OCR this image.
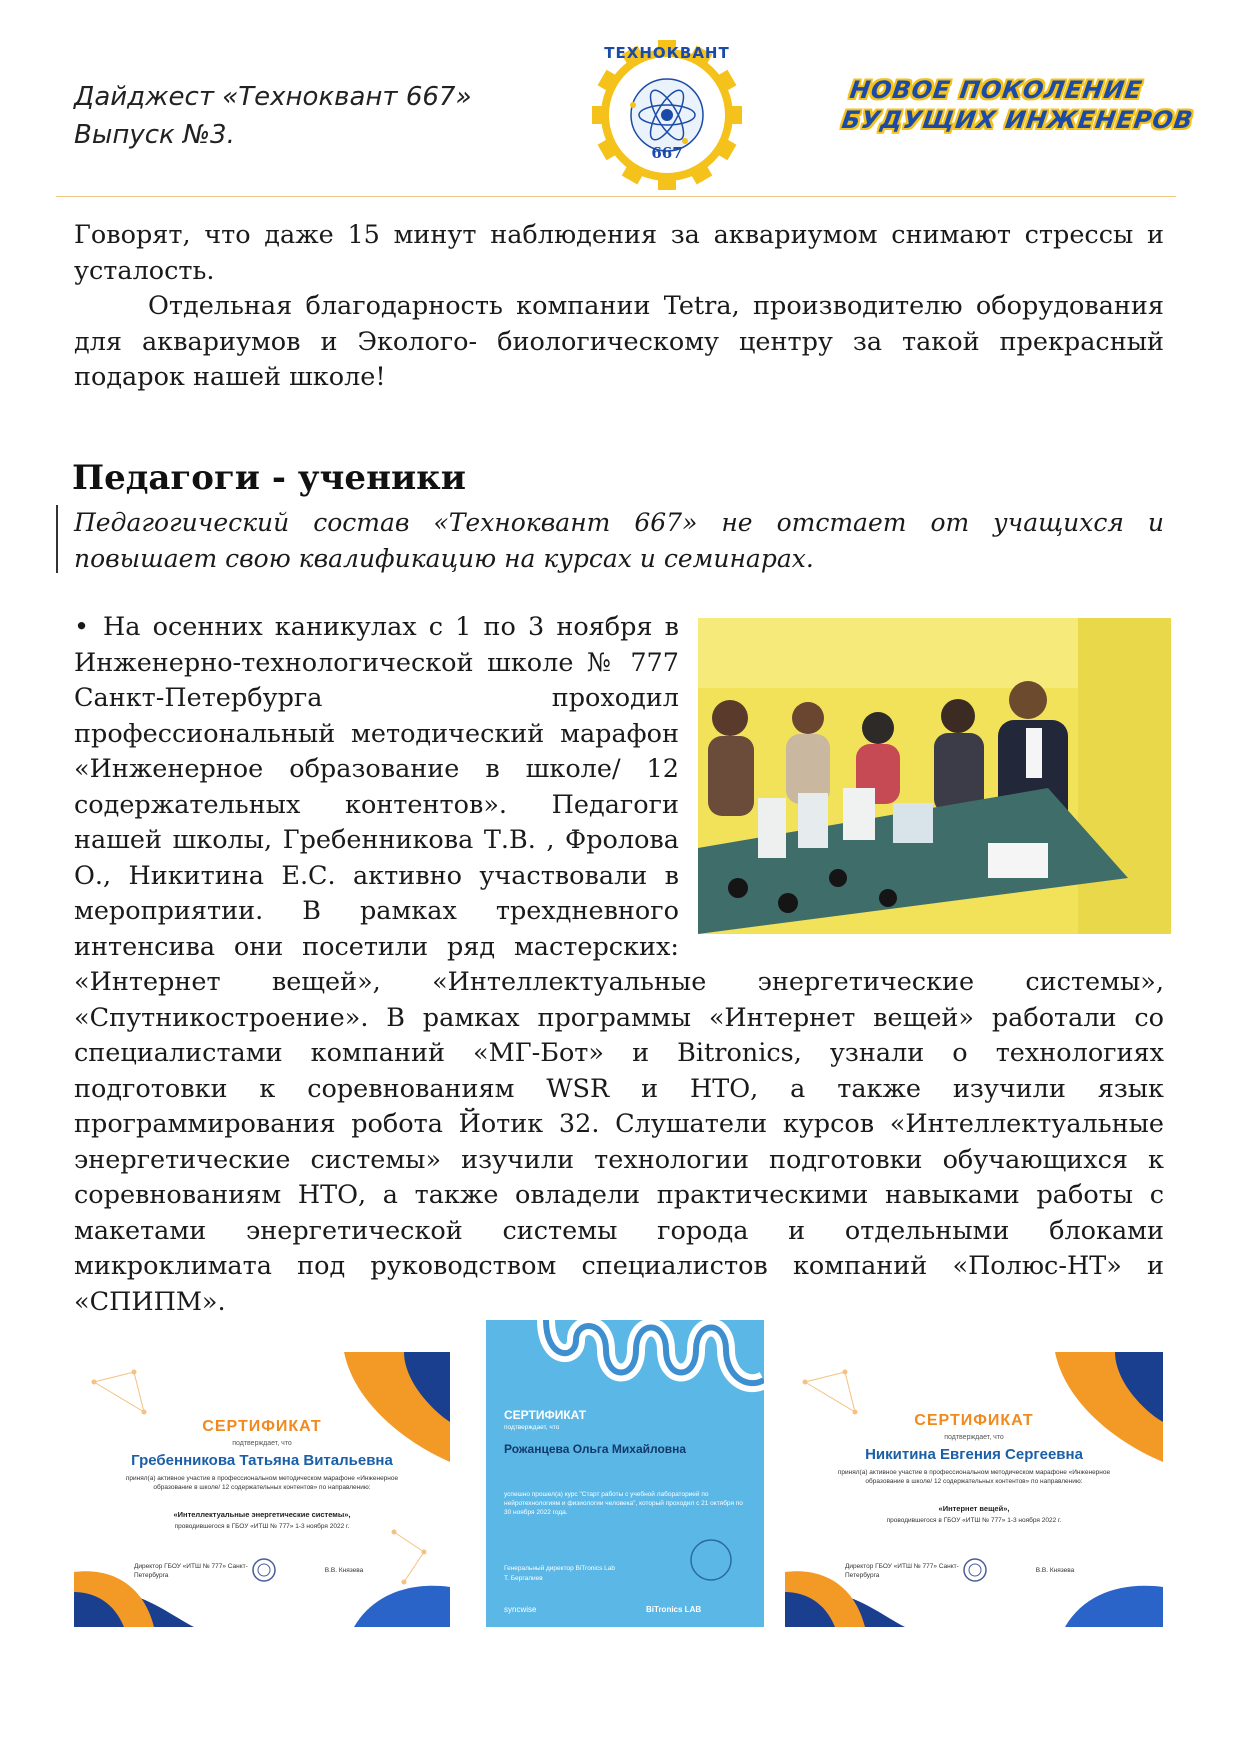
Дайджест «Техноквант 667»
Выпуск №3.
ТЕХНОКВАНТ
667
НОВОЕ ПОКОЛЕНИЕ
БУДУЩИХ ИНЖЕНЕРОВ
Говорят, что даже 15 минут наблюдения за аквариумом снимают стрессы и усталость.
Отдельная благодарность компании Tetra, производителю оборудования для аквариумов и Эколого- биологическому центру за такой прекрасный подарок нашей школе!
Педагоги - ученики
Педагогический состав «Техноквант 667» не отстает от учащихся и повышает свою квалификацию на курсах и семинарах.
• На осенних каникулах с 1 по 3 ноября в
Инженерно-технологической школе № 777
Санкт-Петербурга проходил
профессиональный методический марафон
«Инженерное образование в школе/ 12
содержательных контентов». Педагоги
нашей школы, Гребенникова Т.В. , Фролова
О., Никитина Е.С. активно участвовали в
мероприятии. В рамках трехдневного
интенсива они посетили ряд мастерских:
«Интернет вещей», «Интеллектуальные энергетические системы», «Спутникостроение». В рамках программы «Интернет вещей» работали со специалистами компаний «МГ-Бот» и Bitronics, узнали о технологиях подготовки к соревнованиям WSR и НТО, а также изучили язык программирования робота Йотик 32. Слушатели курсов «Интеллектуальные энергетические системы» изучили технологии подготовки обучающихся к соревнованиям НТО, а также овладели практическими навыками работы с макетами энергетической системы города и отдельными блоками микроклимата под руководством специалистов компаний «Полюс-НТ» и «СПИПМ».
СЕРТИФИКАТ
подтверждает, что
Гребенникова Татьяна Витальевна
принял(а) активное участие в профессиональном методическом марафоне «Инженерное образование в школе/ 12 содержательных контентов» по направлению:
«Интеллектуальные энергетические системы»,
проводившегося в ГБОУ «ИТШ № 777» 1-3 ноября 2022 г.
Директор ГБОУ «ИТШ № 777» Санкт-Петербурга
В.В. Князева
СЕРТИФИКАТ
подтверждает, что
Рожанцева Ольга Михайловна
успешно прошел(а) курс "Старт работы с учебной лабораторией по нейротехнологиям и физиологии человека", который проходил с 21 октября по 30 ноября 2022 года.
Генеральный директор BiTronics Lab
Т. Бергалиев
syncwise	BiTronics LAB
СЕРТИФИКАТ
подтверждает, что
Никитина Евгения Сергеевна
принял(а) активное участие в профессиональном методическом марафоне «Инженерное образование в школе/ 12 содержательных контентов» по направлению:
«Интернет вещей»,
проводившегося в ГБОУ «ИТШ № 777» 1-3 ноября 2022 г.
Директор ГБОУ «ИТШ № 777» Санкт-Петербурга
В.В. Князева
